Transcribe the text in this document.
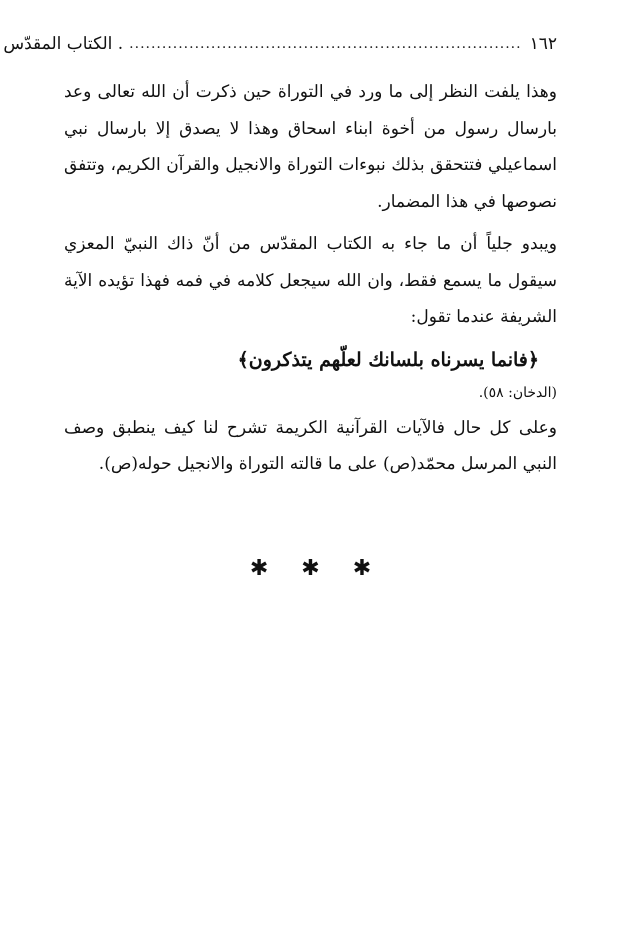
١٦٢
........................................................................
. الكتاب المقدّس

وهذا يلفت النظر إلى ما ورد في التوراة حين ذكرت أن الله تعالى وعد بارسال رسول من أخوة ابناء اسحاق وهذا لا يصدق إلا بارسال نبي اسماعيلي فتتحقق بذلك نبوءات التوراة والانجيل والقرآن الكريم، وتتفق نصوصها في هذا المضمار.

ويبدو جلياً أن ما جاء به الكتاب المقدّس من أنّ ذاك النبيّ المعزي سيقول ما يسمع فقط، وان الله سيجعل كلامه في فمه فهذا تؤيده الآية الشريفة عندما تقول:

﴿فانما يسرناه بلسانك لعلّهم يتذكرون﴾
(الدخان: ٥٨).

وعلى كل حال فالآيات القرآنية الكريمة تشرح لنا كيف ينطبق وصف النبي المرسل محمّد(ص) على ما قالته التوراة والانجيل حوله(ص).

✱ ✱ ✱
